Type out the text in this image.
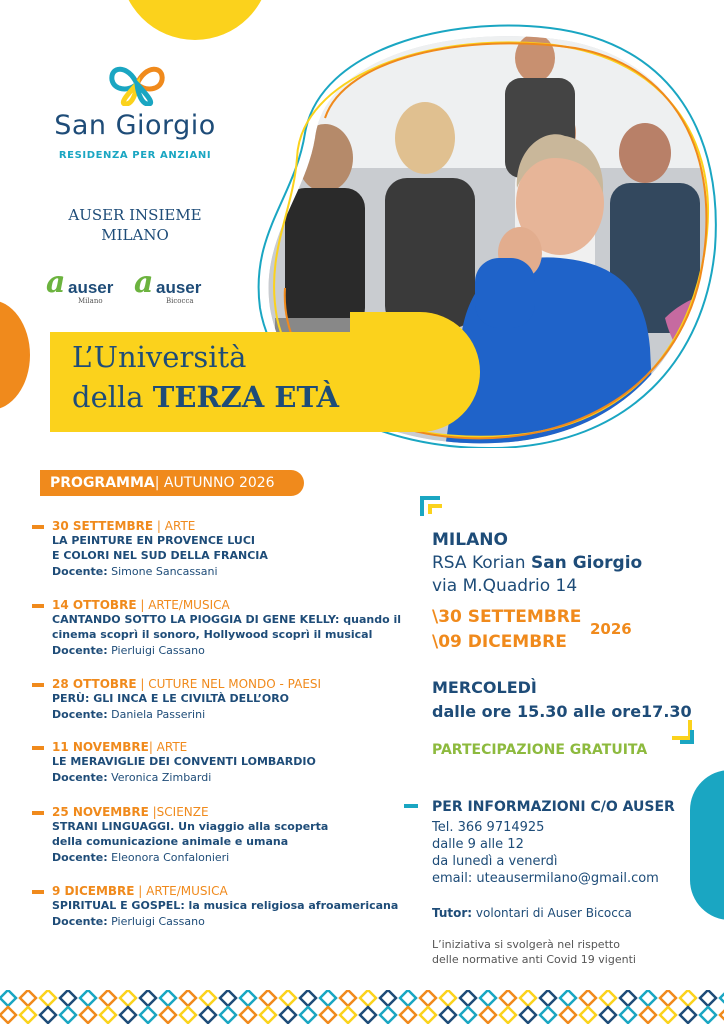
San Giorgio
RESIDENZA PER ANZIANI
AUSER INSIEME
MILANO
a auser
Milano
a auser
Bicocca
L’Università
della TERZA ETÀ
PROGRAMMA| AUTUNNO 2026
30 SETTEMBRE | ARTE
LA PEINTURE EN PROVENCE LUCI
E COLORI NEL SUD DELLA FRANCIA
Docente: Simone Sancassani
14 OTTOBRE | ARTE/MUSICA
CANTANDO SOTTO LA PIOGGIA DI GENE KELLY: quando il
cinema scoprì il sonoro, Hollywood scoprì il musical
Docente: Pierluigi Cassano
28 OTTOBRE | CUTURE NEL MONDO - PAESI
PERÙ: GLI INCA E LE CIVILTÀ DELL’ORO
Docente: Daniela Passerini
11 NOVEMBRE| ARTE
LE MERAVIGLIE DEI CONVENTI LOMBARDIO
Docente: Veronica Zimbardi
25 NOVEMBRE |SCIENZE
STRANI LINGUAGGI. Un viaggio alla scoperta
della comunicazione animale e umana
Docente: Eleonora Confalonieri
9 DICEMBRE | ARTE/MUSICA
SPIRITUAL E GOSPEL: la musica religiosa afroamericana
Docente: Pierluigi Cassano
MILANO
RSA Korian San Giorgio
via M.Quadrio 14
\30 SETTEMBRE
\09 DICEMBRE
2026
MERCOLEDÌ
dalle ore 15.30 alle ore17.30
PARTECIPAZIONE GRATUITA
PER INFORMAZIONI C/O AUSER
Tel. 366 9714925
dalle 9 alle 12
da lunedì a venerdì
email: uteausermilano@gmail.com
Tutor: volontari di Auser Bicocca
L’iniziativa si svolgerà nel rispetto
delle normative anti Covid 19 vigenti
